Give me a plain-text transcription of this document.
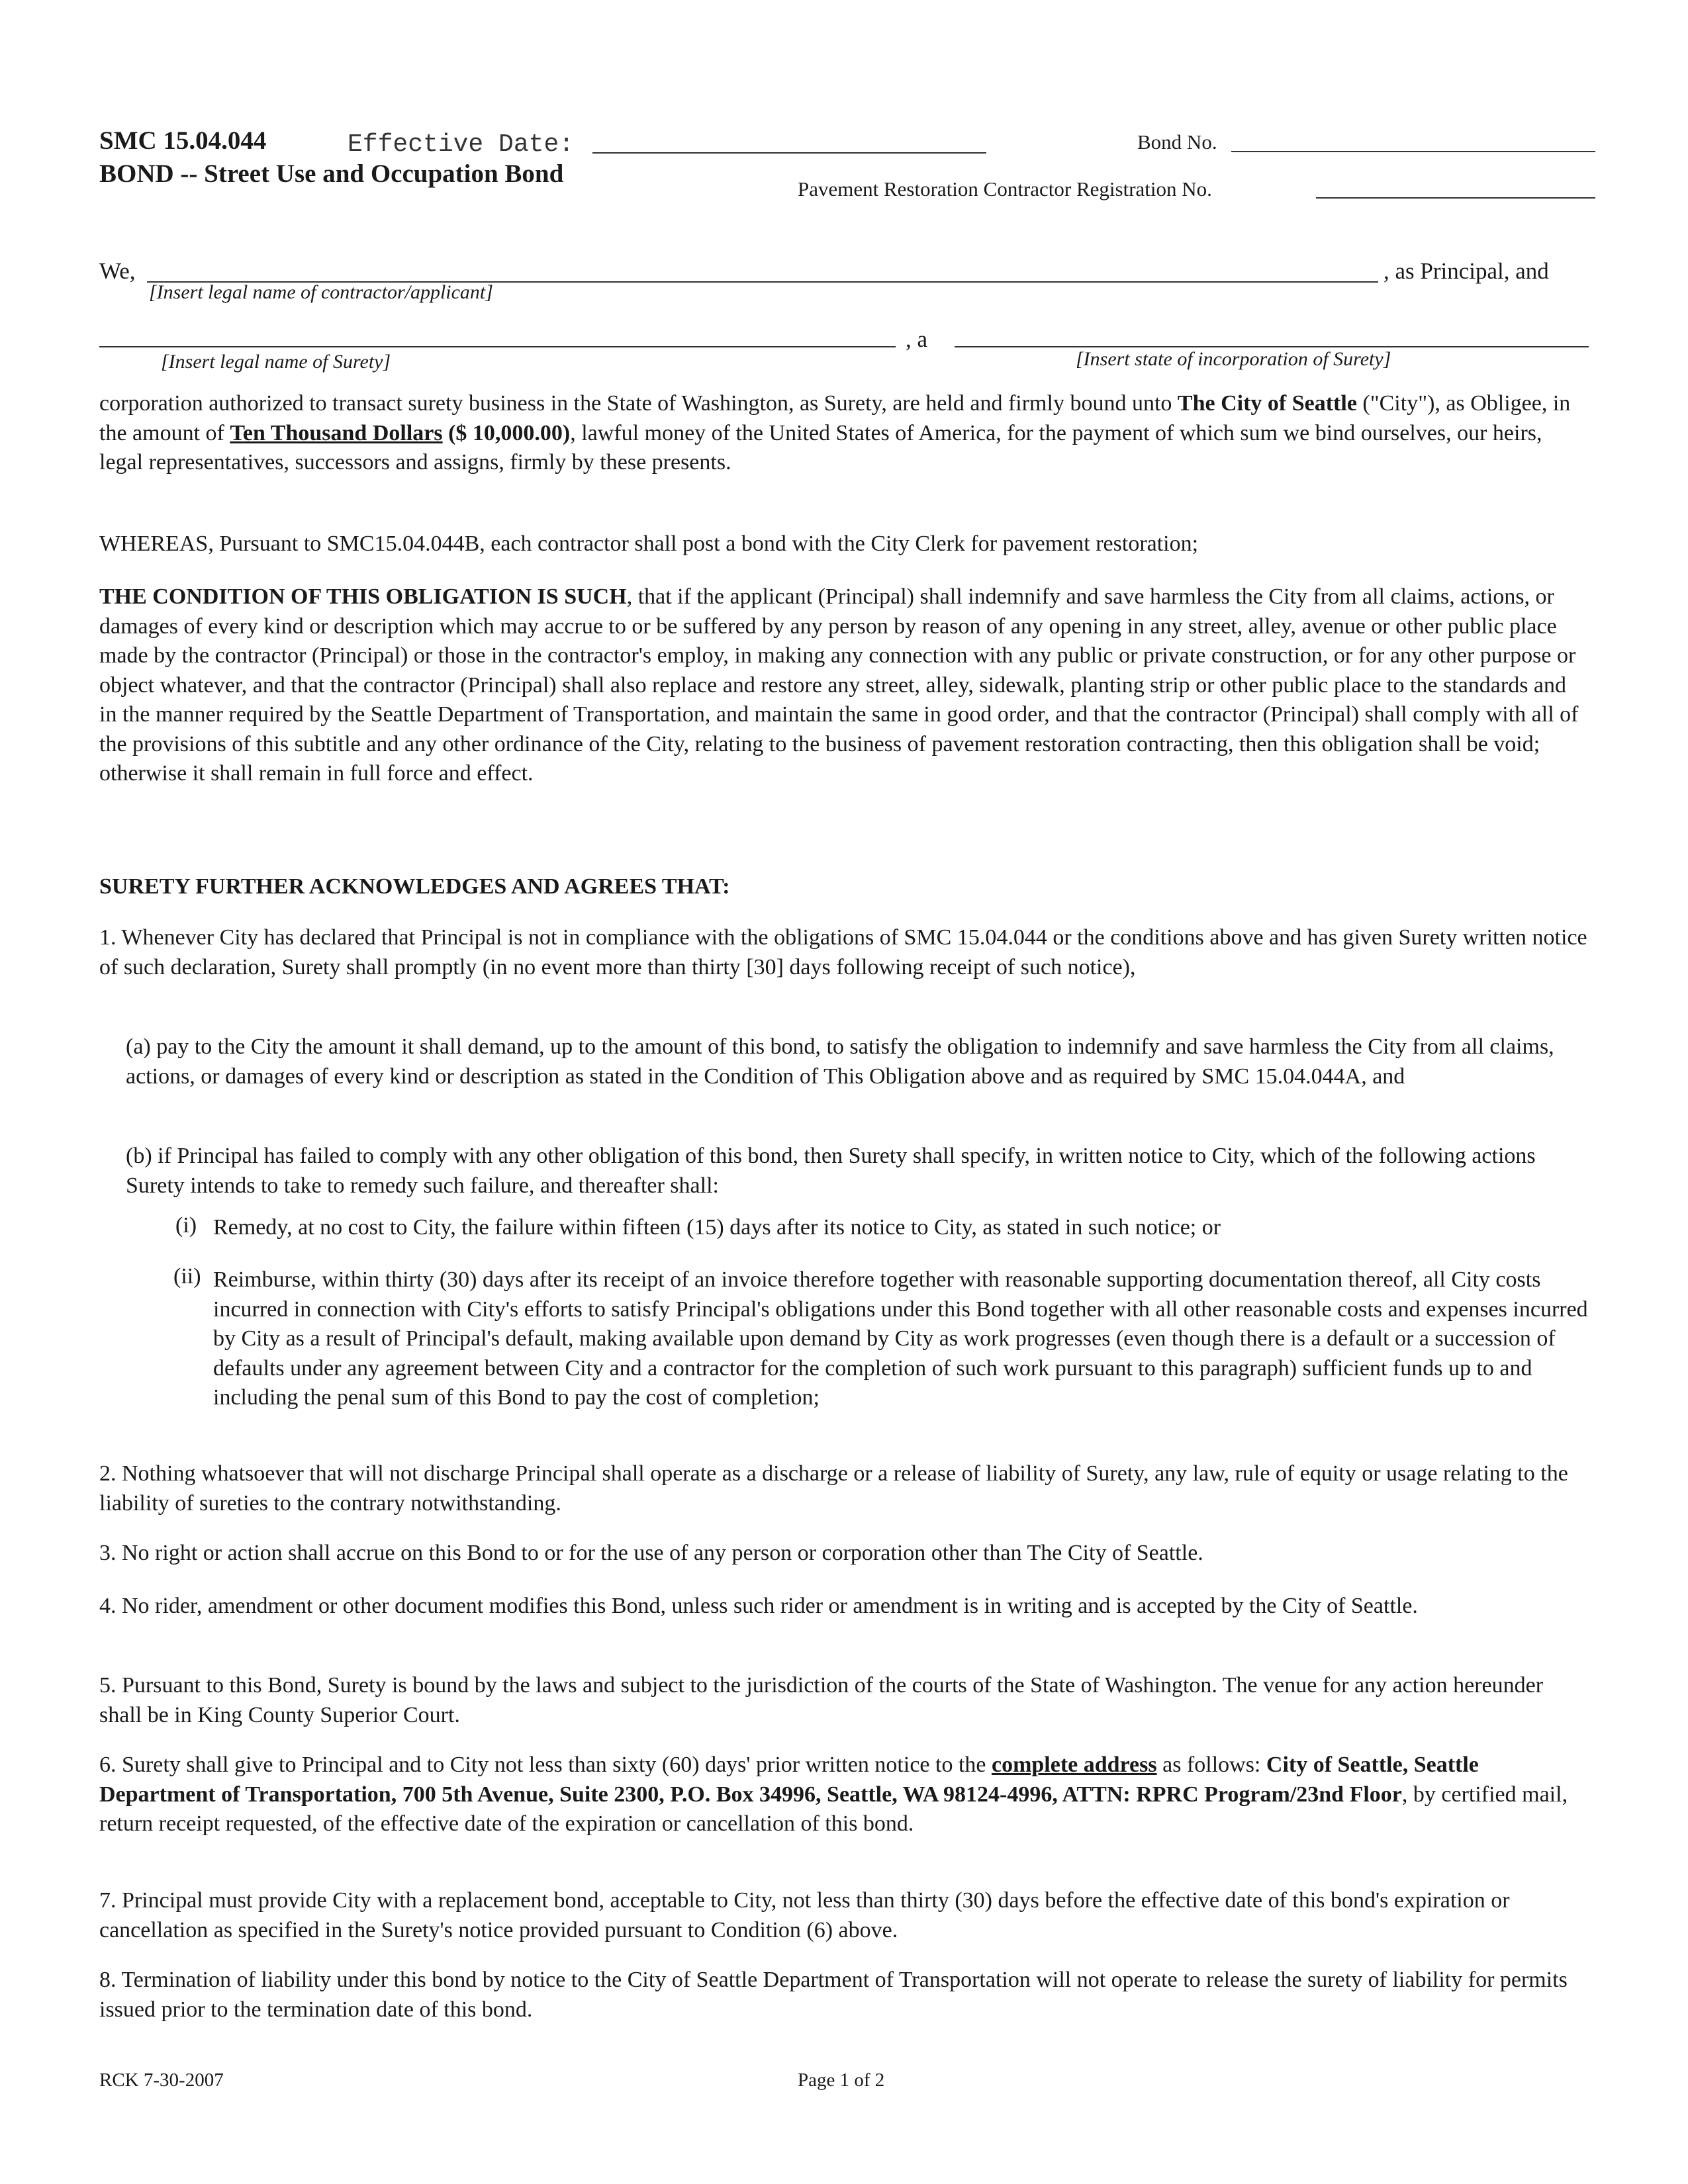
SMC 15.04.044	Effective Date:
BOND -- Street Use and Occupation Bond
Bond No.
Pavement Restoration Contractor Registration No.
We,	, as Principal, and
[Insert legal name of contractor/applicant]
, a
[Insert legal name of Surety]	[Insert state of incorporation of Surety]

corporation authorized to transact surety business in the State of Washington, as Surety, are held and firmly bound unto The City of Seattle ("City"), as Obligee, in the amount of Ten Thousand Dollars ($ 10,000.00), lawful money of the United States of America, for the payment of which sum we bind ourselves, our heirs, legal representatives, successors and assigns, firmly by these presents.

WHEREAS, Pursuant to SMC15.04.044B, each contractor shall post a bond with the City Clerk for pavement restoration;

THE CONDITION OF THIS OBLIGATION IS SUCH, that if the applicant (Principal) shall indemnify and save harmless the City from all claims, actions, or damages of every kind or description which may accrue to or be suffered by any person by reason of any opening in any street, alley, avenue or other public place made by the contractor (Principal) or those in the contractor's employ, in making any connection with any public or private construction, or for any other purpose or object whatever, and that the contractor (Principal) shall also replace and restore any street, alley, sidewalk, planting strip or other public place to the standards and in the manner required by the Seattle Department of Transportation, and maintain the same in good order, and that the contractor (Principal) shall comply with all of the provisions of this subtitle and any other ordinance of the City, relating to the business of pavement restoration contracting, then this obligation shall be void; otherwise it shall remain in full force and effect.

SURETY FURTHER ACKNOWLEDGES AND AGREES THAT:
1. Whenever City has declared that Principal is not in compliance with the obligations of SMC 15.04.044 or the conditions above and has given Surety written notice of such declaration, Surety shall promptly (in no event more than thirty [30] days following receipt of such notice),
(a) pay to the City the amount it shall demand, up to the amount of this bond, to satisfy the obligation to indemnify and save harmless the City from all claims, actions, or damages of every kind or description as stated in the Condition of This Obligation above and as required by SMC 15.04.044A, and
(b) if Principal has failed to comply with any other obligation of this bond, then Surety shall specify, in written notice to City, which of the following actions Surety intends to take to remedy such failure, and thereafter shall:
(i) Remedy, at no cost to City, the failure within fifteen (15) days after its notice to City, as stated in such notice; or
(ii) Reimburse, within thirty (30) days after its receipt of an invoice therefore together with reasonable supporting documentation thereof, all City costs incurred in connection with City's efforts to satisfy Principal's obligations under this Bond together with all other reasonable costs and expenses incurred by City as a result of Principal's default, making available upon demand by City as work progresses (even though there is a default or a succession of defaults under any agreement between City and a contractor for the completion of such work pursuant to this paragraph) sufficient funds up to and including the penal sum of this Bond to pay the cost of completion;
2. Nothing whatsoever that will not discharge Principal shall operate as a discharge or a release of liability of Surety, any law, rule of equity or usage relating to the liability of sureties to the contrary notwithstanding.
3. No right or action shall accrue on this Bond to or for the use of any person or corporation other than The City of Seattle.
4. No rider, amendment or other document modifies this Bond, unless such rider or amendment is in writing and is accepted by the City of Seattle.
5. Pursuant to this Bond, Surety is bound by the laws and subject to the jurisdiction of the courts of the State of Washington. The venue for any action hereunder shall be in King County Superior Court.

6. Surety shall give to Principal and to City not less than sixty (60) days' prior written notice to the complete address as follows: City of Seattle, Seattle Department of Transportation, 700 5th Avenue, Suite 2300, P.O. Box 34996, Seattle, WA 98124-4996, ATTN: RPRC Program/23nd Floor, by certified mail, return receipt requested, of the effective date of the expiration or cancellation of this bond.

7. Principal must provide City with a replacement bond, acceptable to City, not less than thirty (30) days before the effective date of this bond's expiration or cancellation as specified in the Surety's notice provided pursuant to Condition (6) above.
8. Termination of liability under this bond by notice to the City of Seattle Department of Transportation will not operate to release the surety of liability for permits issued prior to the termination date of this bond.
RCK 7-30-2007	Page 1 of 2
